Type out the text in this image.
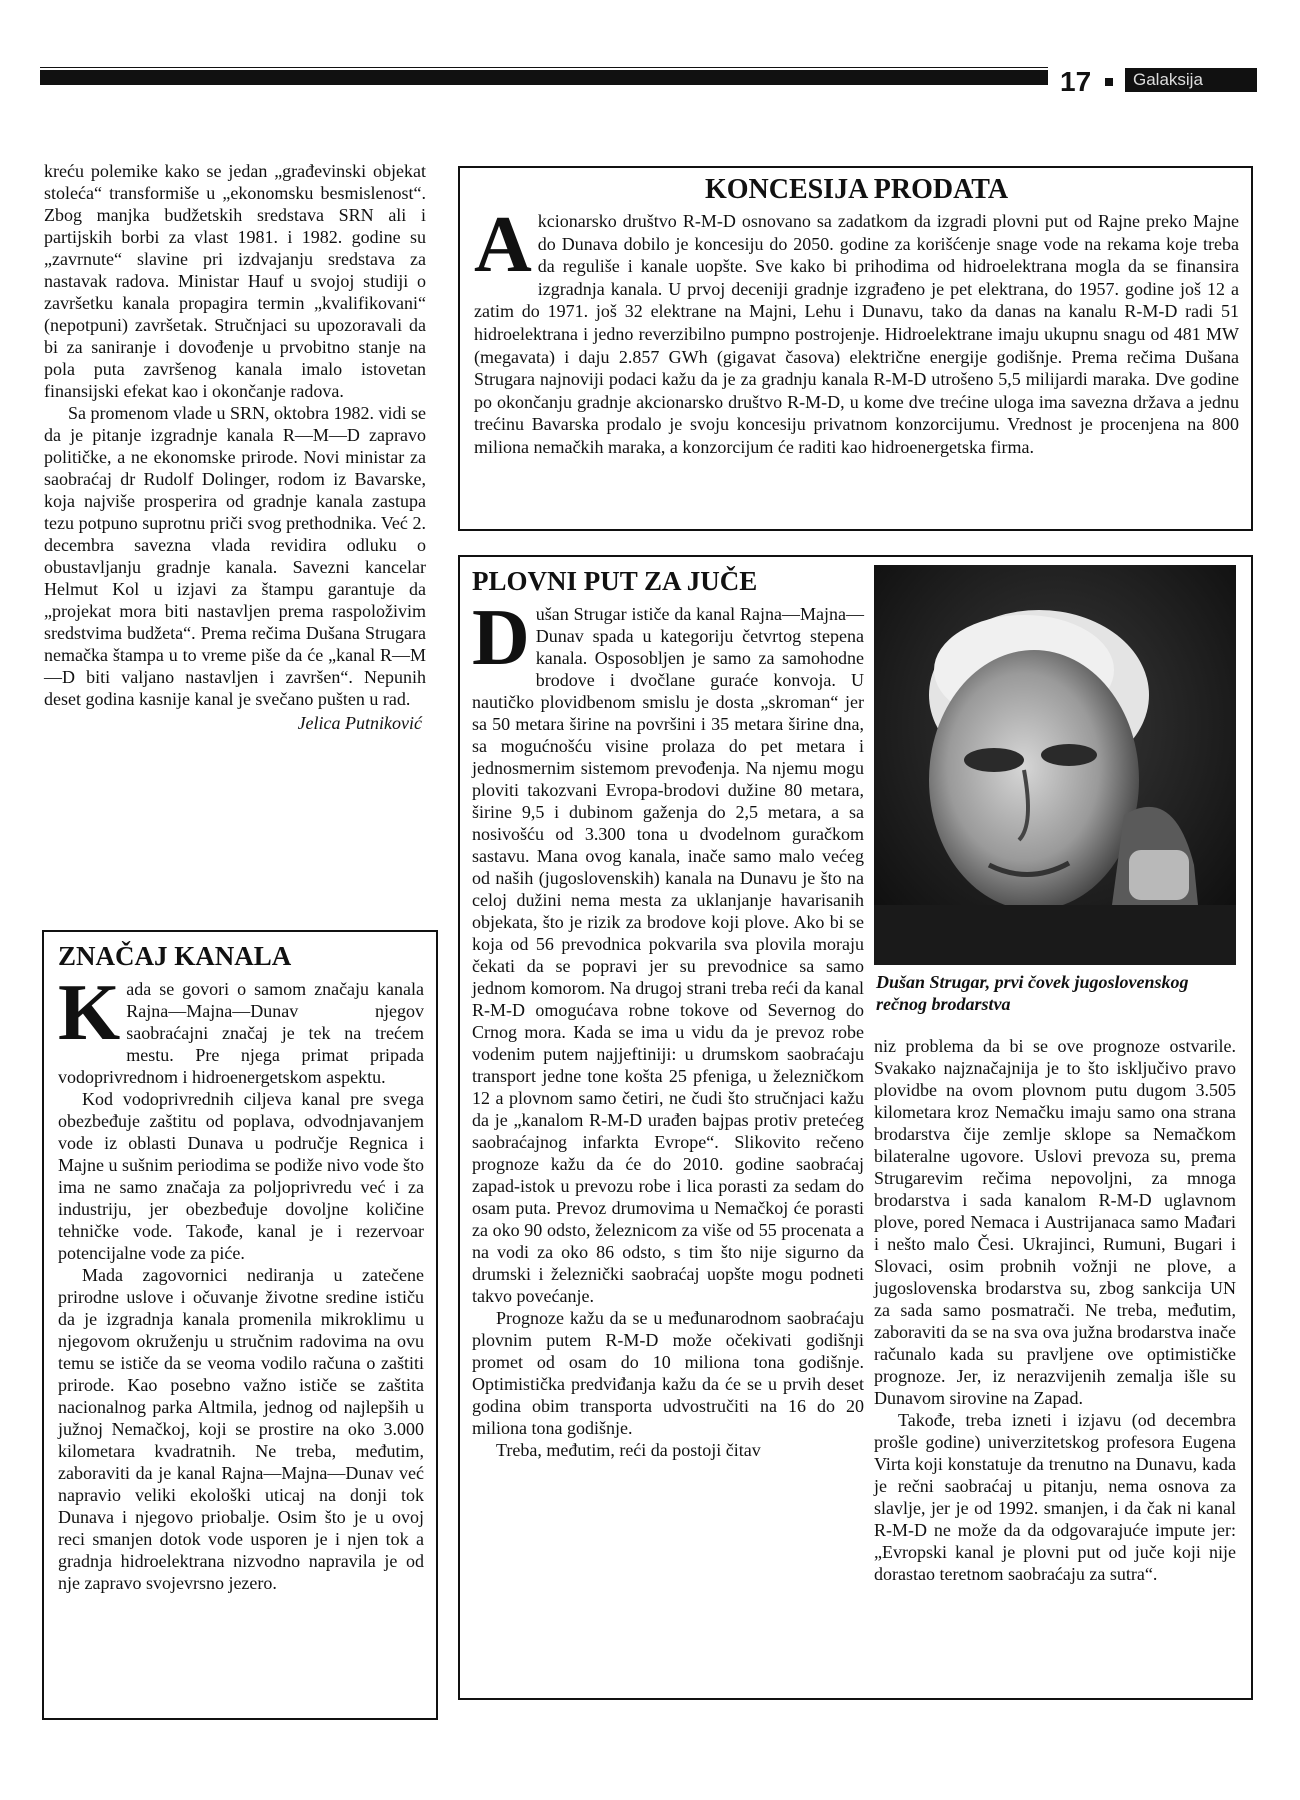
17	Galaksija

kreću polemike kako se jedan „građevinski objekat stoleća“ transformiše u „ekonomsku besmislenost“. Zbog manjka budžetskih sredstava SRN ali i partijskih borbi za vlast 1981. i 1982. godine su „zavrnute“ slavine pri izdvajanju sredstava za nastavak radova. Ministar Hauf u svojoj studiji o završetku kanala propagira termin „kvalifikovani“ (nepotpuni) završetak. Stručnjaci su upozoravali da bi za saniranje i dovođenje u prvobitno stanje na pola puta završenog kanala imalo istovetan finansijski efekat kao i okončanje radova.

Sa promenom vlade u SRN, oktobra 1982. vidi se da je pitanje izgradnje kanala R—M—D zapravo političke, a ne ekonomske prirode. Novi ministar za saobraćaj dr Rudolf Dolinger, rodom iz Bavarske, koja najviše prosperira od gradnje kanala zastupa tezu potpuno suprotnu priči svog prethodnika. Već 2. decembra savezna vlada revidira odluku o obustavljanju gradnje kanala. Savezni kancelar Helmut Kol u izjavi za štampu garantuje da „projekat mora biti nastavljen prema raspoloživim sredstvima budžeta“. Prema rečima Dušana Strugara nemačka štampa u to vreme piše da će „kanal R—M—D biti valjano nastavljen i završen“. Nepunih deset godina kasnije kanal je svečano pušten u rad.

Jelica Putniković
ZNAČAJ KANALA

Kada se govori o samom značaju kanala Rajna—Majna—Dunav njegov saobraćajni značaj je tek na trećem mestu. Pre njega primat pripada vodoprivrednom i hidroenergetskom aspektu.

Kod vodoprivrednih ciljeva kanal pre svega obezbeđuje zaštitu od poplava, odvodnjavanjem vode iz oblasti Dunava u područje Regnica i Majne u sušnim periodima se podiže nivo vode što ima ne samo značaja za poljoprivredu već i za industriju, jer obezbeđuje dovoljne količine tehničke vode. Takođe, kanal je i rezervoar potencijalne vode za piće.

Mada zagovornici nediranja u zatečene prirodne uslove i očuvanje životne sredine ističu da je izgradnja kanala promenila mikroklimu u njegovom okruženju u stručnim radovima na ovu temu se ističe da se veoma vodilo računa o zaštiti prirode. Kao posebno važno ističe se zaštita nacionalnog parka Altmila, jednog od najlepših u južnoj Nemačkoj, koji se prostire na oko 3.000 kilometara kvadratnih. Ne treba, međutim, zaboraviti da je kanal Rajna—Majna—Dunav već napravio veliki ekološki uticaj na donji tok Dunava i njegovo priobalje. Osim što je u ovoj reci smanjen dotok vode usporen je i njen tok a gradnja hidroelektrana nizvodno napravila je od nje zapravo svojevrsno jezero.

KONCESIJA PRODATA

Akcionarsko društvo R-M-D osnovano sa zadatkom da izgradi plovni put od Rajne preko Majne do Dunava dobilo je koncesiju do 2050. godine za korišćenje snage vode na rekama koje treba da reguliše i kanale uopšte. Sve kako bi prihodima od hidroelektrana mogla da se finansira izgradnja kanala. U prvoj deceniji gradnje izgrađeno je pet elektrana, do 1957. godine još 12 a zatim do 1971. još 32 elektrane na Majni, Lehu i Dunavu, tako da danas na kanalu R-M-D radi 51 hidroelektrana i jedno reverzibilno pumpno postrojenje. Hidroelektrane imaju ukupnu snagu od 481 MW (megavata) i daju 2.857 GWh (gigavat časova) električne energije godišnje. Prema rečima Dušana Strugara najnoviji podaci kažu da je za gradnju kanala R-M-D utrošeno 5,5 milijardi maraka. Dve godine po okončanju gradnje akcionarsko društvo R-M-D, u kome dve trećine uloga ima savezna država a jednu trećinu Bavarska prodalo je svoju koncesiju privatnom konzorcijumu. Vrednost je procenjena na 800 miliona nemačkih maraka, a konzorcijum će raditi kao hidroenergetska firma.

PLOVNI PUT ZA JUČE

Dušan Strugar ističe da kanal Rajna—Majna—Dunav spada u kategoriju četvrtog stepena kanala. Osposobljen je samo za samohodne brodove i dvočlane guraće konvoja. U nautičko plovidbenom smislu je dosta „skroman“ jer sa 50 metara širine na površini i 35 metara širine dna, sa mogućnošću visine prolaza do pet metara i jednosmernim sistemom prevođenja. Na njemu mogu ploviti takozvani Evropa-brodovi dužine 80 metara, širine 9,5 i dubinom gaženja do 2,5 metara, a sa nosivošću od 3.300 tona u dvodelnom guračkom sastavu. Mana ovog kanala, inače samo malo većeg od naših (jugoslovenskih) kanala na Dunavu je što na celoj dužini nema mesta za uklanjanje havarisanih objekata, što je rizik za brodove koji plove. Ako bi se koja od 56 prevodnica pokvarila sva plovila moraju čekati da se popravi jer su prevodnice sa samo jednom komorom. Na drugoj strani treba reći da kanal R-M-D omogućava robne tokove od Severnog do Crnog mora. Kada se ima u vidu da je prevoz robe vodenim putem najjeftiniji: u drumskom saobraćaju transport jedne tone košta 25 pfeniga, u železničkom 12 a plovnom samo četiri, ne čudi što stručnjaci kažu da je „kanalom R-M-D urađen bajpas protiv pretećeg saobraćajnog infarkta Evrope“. Slikovito rečeno prognoze kažu da će do 2010. godine saobraćaj zapad-istok u prevozu robe i lica porasti za sedam do osam puta. Prevoz drumovima u Nemačkoj će porasti za oko 90 odsto, železnicom za više od 55 procenata a na vodi za oko 86 odsto, s tim što nije sigurno da drumski i železnički saobraćaj uopšte mogu podneti takvo povećanje.

Prognoze kažu da se u međunarodnom saobraćaju plovnim putem R-M-D može očekivati godišnji promet od osam do 10 miliona tona godišnje. Optimistička predviđanja kažu da će se u prvih deset godina obim transporta udvostručiti na 16 do 20 miliona tona godišnje.

Treba, međutim, reći da postoji čitav

Dušan Strugar, prvi čovek jugoslovenskog rečnog brodarstva

niz problema da bi se ove prognoze ostvarile. Svakako najznačajnija je to što isključivo pravo plovidbe na ovom plovnom putu dugom 3.505 kilometara kroz Nemačku imaju samo ona strana brodarstva čije zemlje sklope sa Nemačkom bilateralne ugovore. Uslovi prevoza su, prema Strugarevim rečima nepovoljni, za mnoga brodarstva i sada kanalom R-M-D uglavnom plove, pored Nemaca i Austrijanaca samo Mađari i nešto malo Česi. Ukrajinci, Rumuni, Bugari i Slovaci, osim probnih vožnji ne plove, a jugoslovenska brodarstva su, zbog sankcija UN za sada samo posmatrači. Ne treba, međutim, zaboraviti da se na sva ova južna brodarstva inače računalo kada su pravljene ove optimističke prognoze. Jer, iz nerazvijenih zemalja išle su Dunavom sirovine na Zapad.

Takođe, treba izneti i izjavu (od decembra prošle godine) univerzitetskog profesora Eugena Virta koji konstatuje da trenutno na Dunavu, kada je rečni saobraćaj u pitanju, nema osnova za slavlje, jer je od 1992. smanjen, i da čak ni kanal R-M-D ne može da da odgovarajuće impute jer: „Evropski kanal je plovni put od juče koji nije dorastao teretnom saobraćaju za sutra“.
